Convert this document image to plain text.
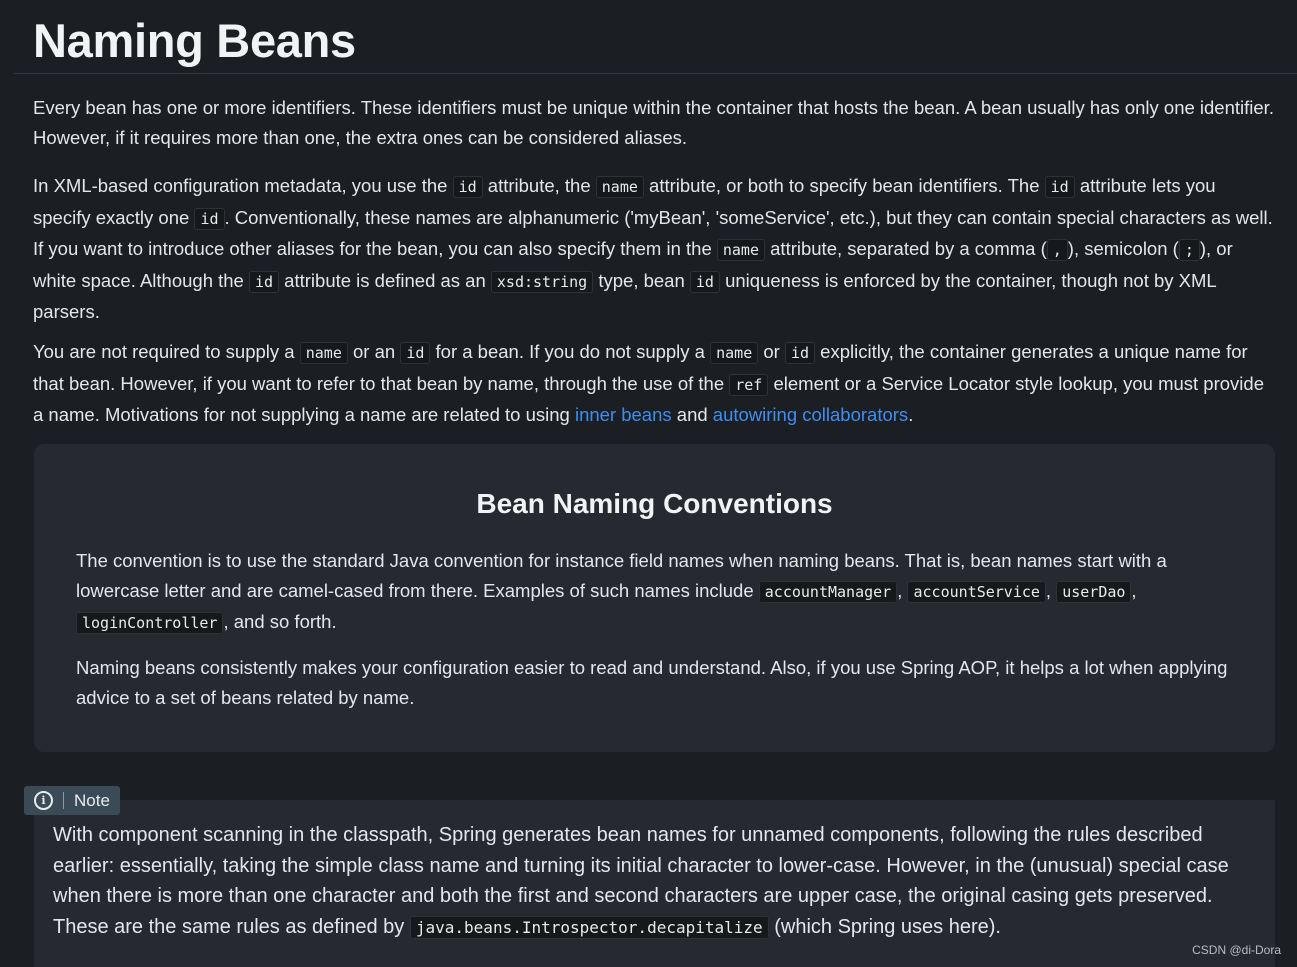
Naming Beans

Every bean has one or more identifiers. These identifiers must be unique within the container that hosts the bean. A bean usually has only one identifier. However, if it requires more than one, the extra ones can be considered aliases.

In XML-based configuration metadata, you use the id attribute, the name attribute, or both to specify bean identifiers. The id attribute lets you specify exactly one id . Conventionally, these names are alphanumeric ('myBean', 'someService', etc.), but they can contain special characters as well. If you want to introduce other aliases for the bean, you can also specify them in the name attribute, separated by a comma ( , ), semicolon ( ; ), or white space. Although the id attribute is defined as an xsd:string type, bean id uniqueness is enforced by the container, though not by XML parsers.

You are not required to supply a name or an id for a bean. If you do not supply a name or id explicitly, the container generates a unique name for that bean. However, if you want to refer to that bean by name, through the use of the ref element or a Service Locator style lookup, you must provide a name. Motivations for not supplying a name are related to using inner beans and autowiring collaborators.

Bean Naming Conventions

The convention is to use the standard Java convention for instance field names when naming beans. That is, bean names start with a lowercase letter and are camel-cased from there. Examples of such names include accountManager , accountService , userDao , loginController , and so forth.

Naming beans consistently makes your configuration easier to read and understand. Also, if you use Spring AOP, it helps a lot when applying advice to a set of beans related by name.

i	Note

With component scanning in the classpath, Spring generates bean names for unnamed components, following the rules described earlier: essentially, taking the simple class name and turning its initial character to lower-case. However, in the (unusual) special case when there is more than one character and both the first and second characters are upper case, the original casing gets preserved. These are the same rules as defined by java.beans.Introspector.decapitalize (which Spring uses here).

CSDN @di-Dora
